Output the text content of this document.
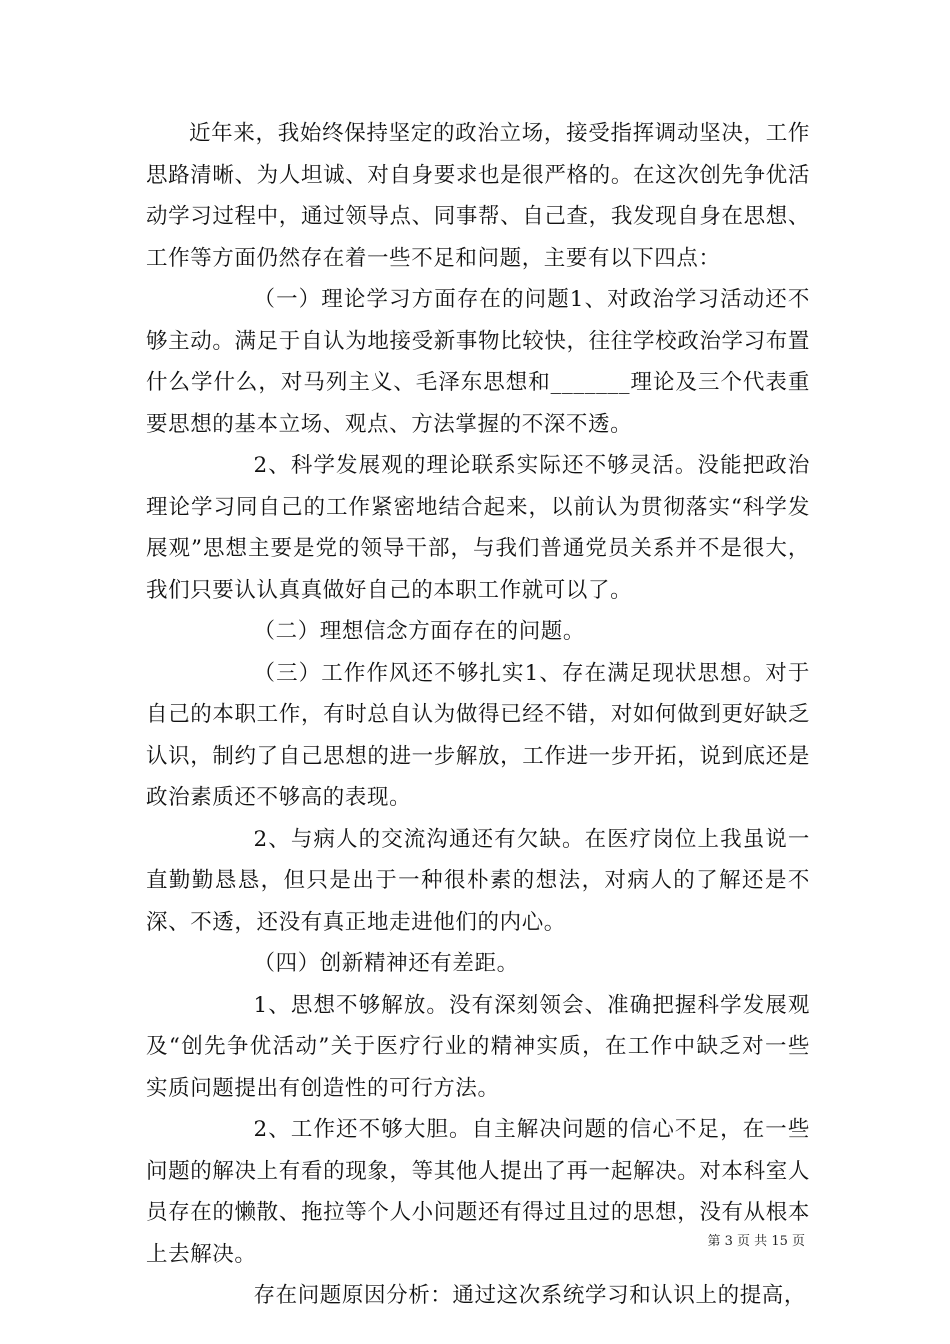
近年来，我始终保持坚定的政治立场，接受指挥调动坚决，工作思路清晰、为人坦诚、对自身要求也是很严格的。在这次创先争优活动学习过程中，通过领导点、同事帮、自己查，我发现自身在思想、工作等方面仍然存在着一些不足和问题，主要有以下四点：

（一）理论学习方面存在的问题1、对政治学习活动还不够主动。满足于自认为地接受新事物比较快，往往学校政治学习布置什么学什么，对马列主义、毛泽东思想和_______理论及三个代表重要思想的基本立场、观点、方法掌握的不深不透。

2、科学发展观的理论联系实际还不够灵活。没能把政治理论学习同自己的工作紧密地结合起来，以前认为贯彻落实“科学发展观”思想主要是党的领导干部，与我们普通党员关系并不是很大，我们只要认认真真做好自己的本职工作就可以了。

（二）理想信念方面存在的问题。

（三）工作作风还不够扎实1、存在满足现状思想。对于自己的本职工作，有时总自认为做得已经不错，对如何做到更好缺乏认识，制约了自己思想的进一步解放，工作进一步开拓，说到底还是政治素质还不够高的表现。

2、与病人的交流沟通还有欠缺。在医疗岗位上我虽说一直勤勤恳恳，但只是出于一种很朴素的想法，对病人的了解还是不深、不透，还没有真正地走进他们的内心。

（四）创新精神还有差距。

1、思想不够解放。没有深刻领会、准确把握科学发展观及“创先争优活动”关于医疗行业的精神实质，在工作中缺乏对一些实质问题提出有创造性的可行方法。

2、工作还不够大胆。自主解决问题的信心不足，在一些问题的解决上有看的现象，等其他人提出了再一起解决。对本科室人员存在的懒散、拖拉等个人小问题还有得过且过的思想，没有从根本上去解决。

存在问题原因分析：通过这次系统学习和认识上的提高，

第 3 页 共 15 页
